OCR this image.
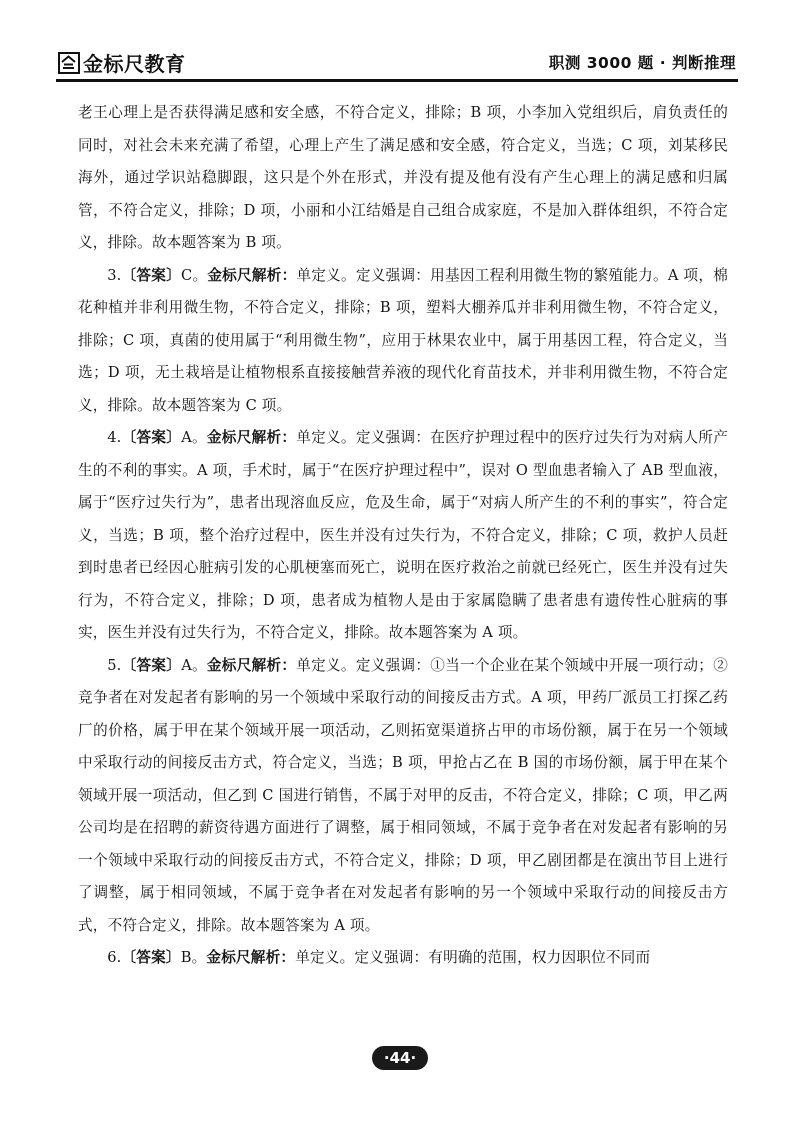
金标尺教育	职测 3000 题 · 判断推理

老王心理上是否获得满足感和安全感，不符合定义，排除；B 项，小李加入党组织后，肩负责任的同时，对社会未来充满了希望，心理上产生了满足感和安全感，符合定义，当选；C 项，刘某移民海外，通过学识站稳脚跟，这只是个外在形式，并没有提及他有没有产生心理上的满足感和归属管，不符合定义，排除；D 项，小丽和小江结婚是自己组合成家庭，不是加入群体组织，不符合定义，排除。故本题答案为 B 项。

3.〔答案〕C。金标尺解析：单定义。定义强调：用基因工程利用微生物的繁殖能力。A 项，棉花种植并非利用微生物，不符合定义，排除；B 项，塑料大棚养瓜并非利用微生物，不符合定义，排除；C 项，真菌的使用属于“利用微生物”，应用于林果农业中，属于用基因工程，符合定义，当选；D 项，无土栽培是让植物根系直接接触营养液的现代化育苗技术，并非利用微生物，不符合定义，排除。故本题答案为 C 项。

4.〔答案〕A。金标尺解析：单定义。定义强调：在医疗护理过程中的医疗过失行为对病人所产生的不利的事实。A 项，手术时，属于“在医疗护理过程中”，误对 O 型血患者输入了 AB 型血液，属于“医疗过失行为”，患者出现溶血反应，危及生命，属于“对病人所产生的不利的事实”，符合定义，当选；B 项，整个治疗过程中，医生并没有过失行为，不符合定义，排除；C 项，救护人员赶到时患者已经因心脏病引发的心肌梗塞而死亡，说明在医疗救治之前就已经死亡，医生并没有过失行为，不符合定义，排除；D 项，患者成为植物人是由于家属隐瞒了患者患有遗传性心脏病的事实，医生并没有过失行为，不符合定义，排除。故本题答案为 A 项。

5.〔答案〕A。金标尺解析：单定义。定义强调：①当一个企业在某个领域中开展一项行动；②竞争者在对发起者有影响的另一个领域中采取行动的间接反击方式。A 项，甲药厂派员工打探乙药厂的价格，属于甲在某个领域开展一项活动，乙则拓宽渠道挤占甲的市场份额，属于在另一个领域中采取行动的间接反击方式，符合定义，当选；B 项，甲抢占乙在 B 国的市场份额，属于甲在某个领域开展一项活动，但乙到 C 国进行销售，不属于对甲的反击，不符合定义，排除；C 项，甲乙两公司均是在招聘的薪资待遇方面进行了调整，属于相同领域，不属于竞争者在对发起者有影响的另一个领域中采取行动的间接反击方式，不符合定义，排除；D 项，甲乙剧团都是在演出节目上进行了调整，属于相同领域，不属于竞争者在对发起者有影响的另一个领域中采取行动的间接反击方式，不符合定义，排除。故本题答案为 A 项。

6.〔答案〕B。金标尺解析：单定义。定义强调：有明确的范围，权力因职位不同而

·44·
